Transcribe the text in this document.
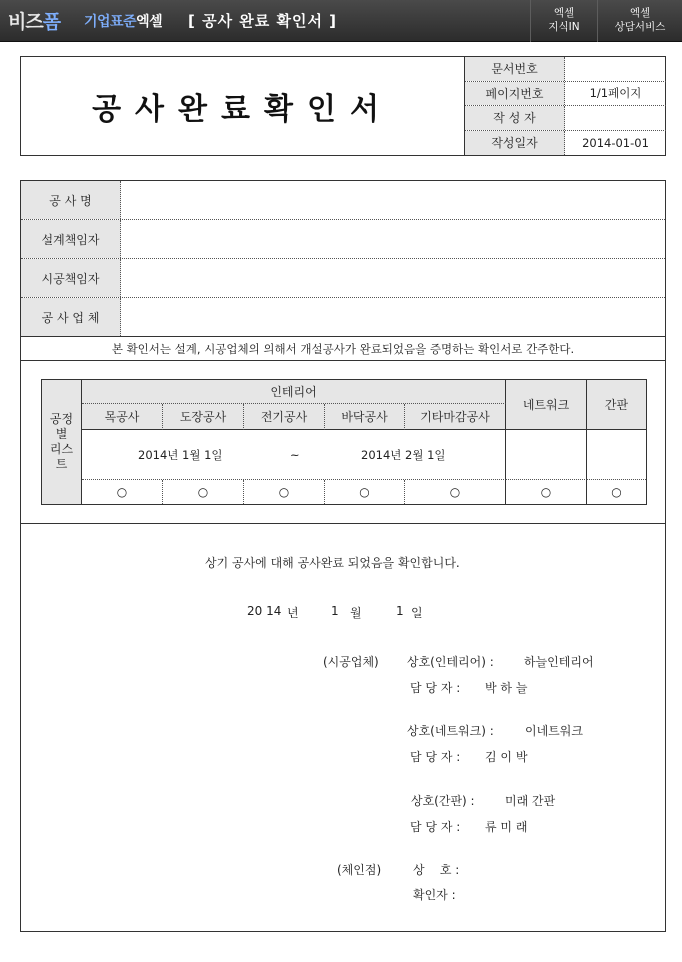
비즈폼 기업표준엑셀 [ 공사 완료 확인서 ]	엑셀
지식IN
엑셀
상담서비스
공사완료확인서
문서번호
페이지번호	1/1페이지
작 성 자
작성일자	2014-01-01
공 사 명
설계책임자
시공책임자
공 사 업 체
본 확인서는 설계, 시공업체의 의해서 개설공사가 완료되었음을 증명하는 확인서로 간주한다.
공정
별
리스
트
인테리어
네트워크	간판
목공사	도장공사	전기공사	바닥공사	기타마감공사
2014년 1월 1일	~	2014년 2월 1일
○	○	○	○	○	○	○
상기 공사에 대해 공사완료 되었음을 확인합니다.
20 14 년	1 월	1 일
(시공업체) 상호(인테리어) :	하늘인테리어
담 당 자 : 박 하 늘
상호(네트워크) :	이네트워크
담 당 자 : 김 이 박
상호(간판) :	미래 간판
담 당 자 : 류 미 래
(체인점)	상    호 :
확인자 :
